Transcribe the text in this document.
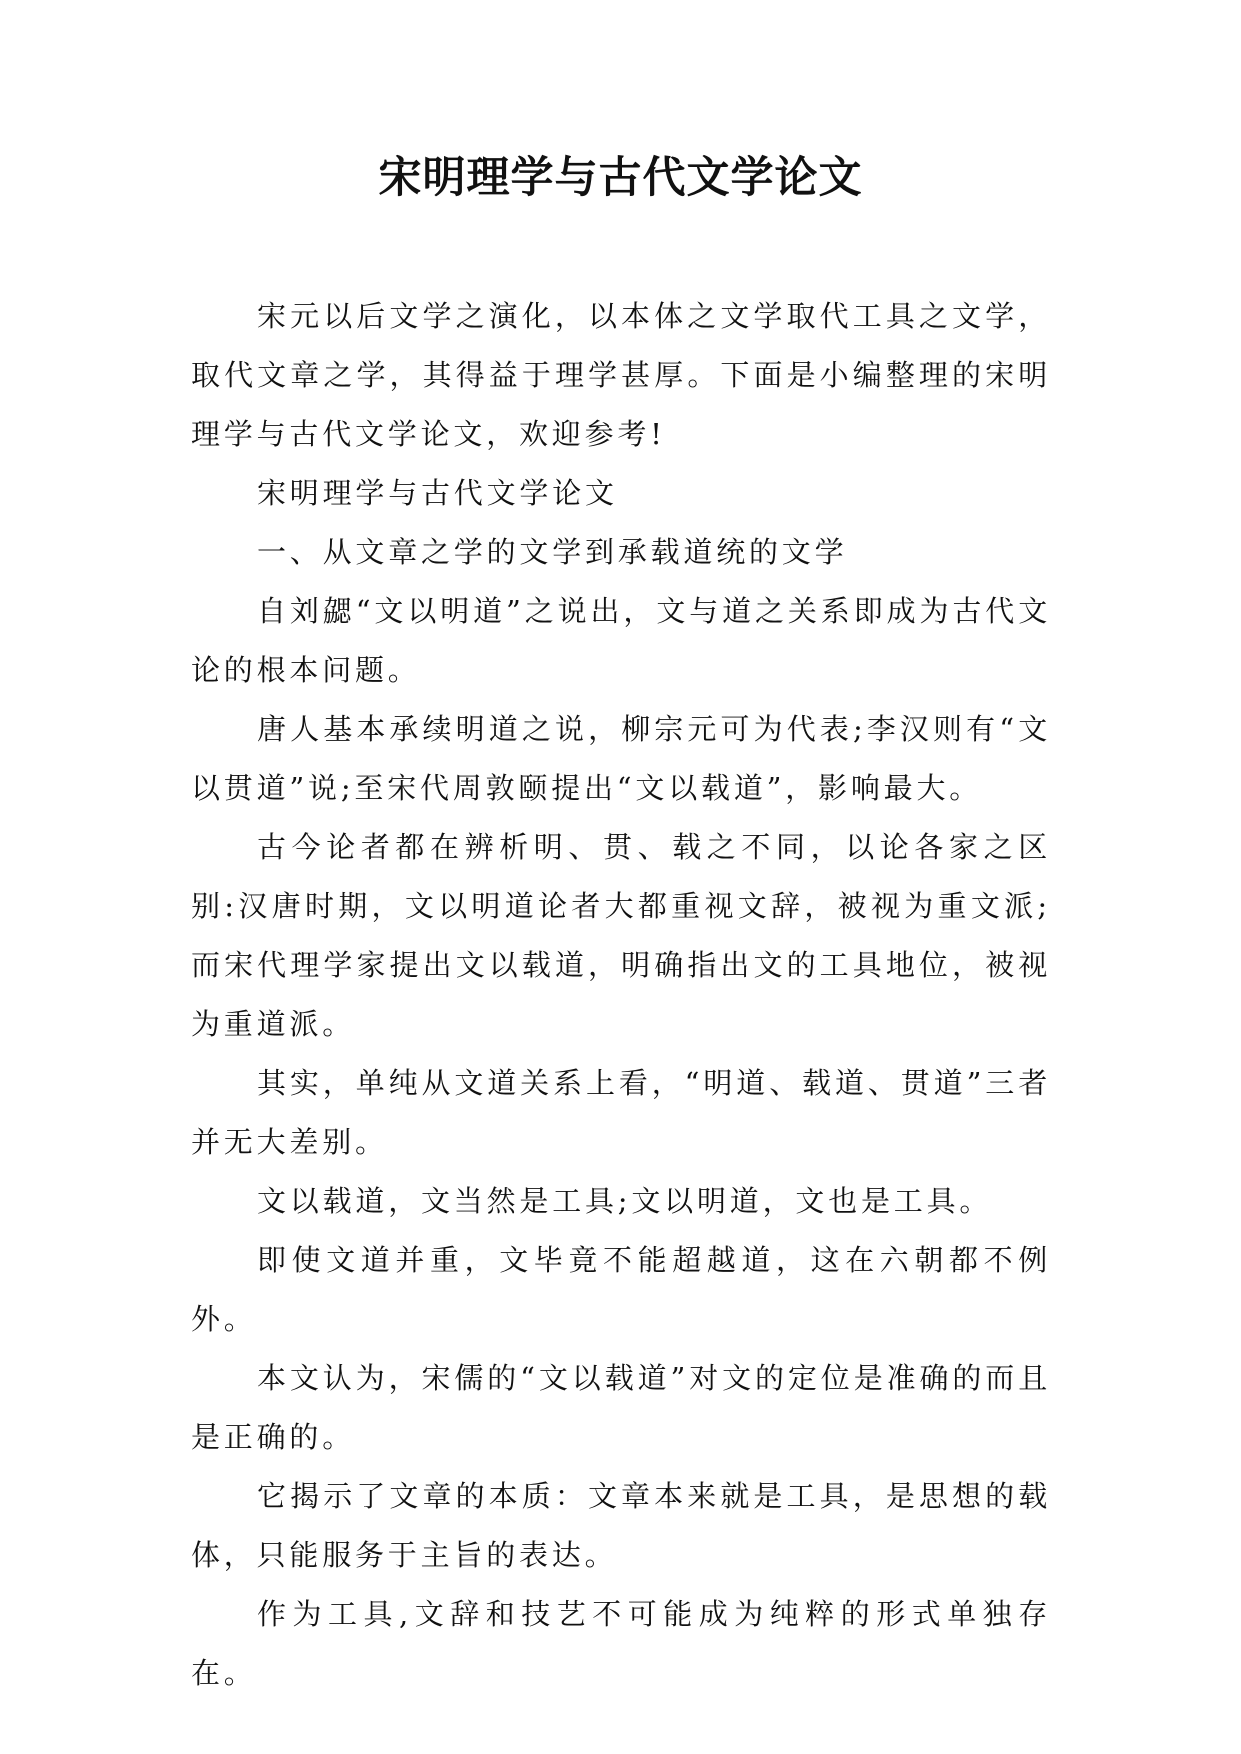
宋明理学与古代文学论文

宋元以后文学之演化，以本体之文学取代工具之文学，取代文章之学，其得益于理学甚厚。下面是小编整理的宋明理学与古代文学论文，欢迎参考!

宋明理学与古代文学论文

一、从文章之学的文学到承载道统的文学

自刘勰“文以明道”之说出，文与道之关系即成为古代文论的根本问题。

唐人基本承续明道之说，柳宗元可为代表;李汉则有“文以贯道”说;至宋代周敦颐提出“文以载道”，影响最大。

古今论者都在辨析明、贯、载之不同，以论各家之区别:汉唐时期，文以明道论者大都重视文辞，被视为重文派;而宋代理学家提出文以载道，明确指出文的工具地位，被视为重道派。

其实，单纯从文道关系上看，“明道、载道、贯道”三者并无大差别。

文以载道，文当然是工具;文以明道，文也是工具。

即使文道并重，文毕竟不能超越道，这在六朝都不例外。

本文认为，宋儒的“文以载道”对文的定位是准确的而且是正确的。

它揭示了文章的本质：文章本来就是工具，是思想的载体，只能服务于主旨的表达。

作为工具,文辞和技艺不可能成为纯粹的形式单独存在。
